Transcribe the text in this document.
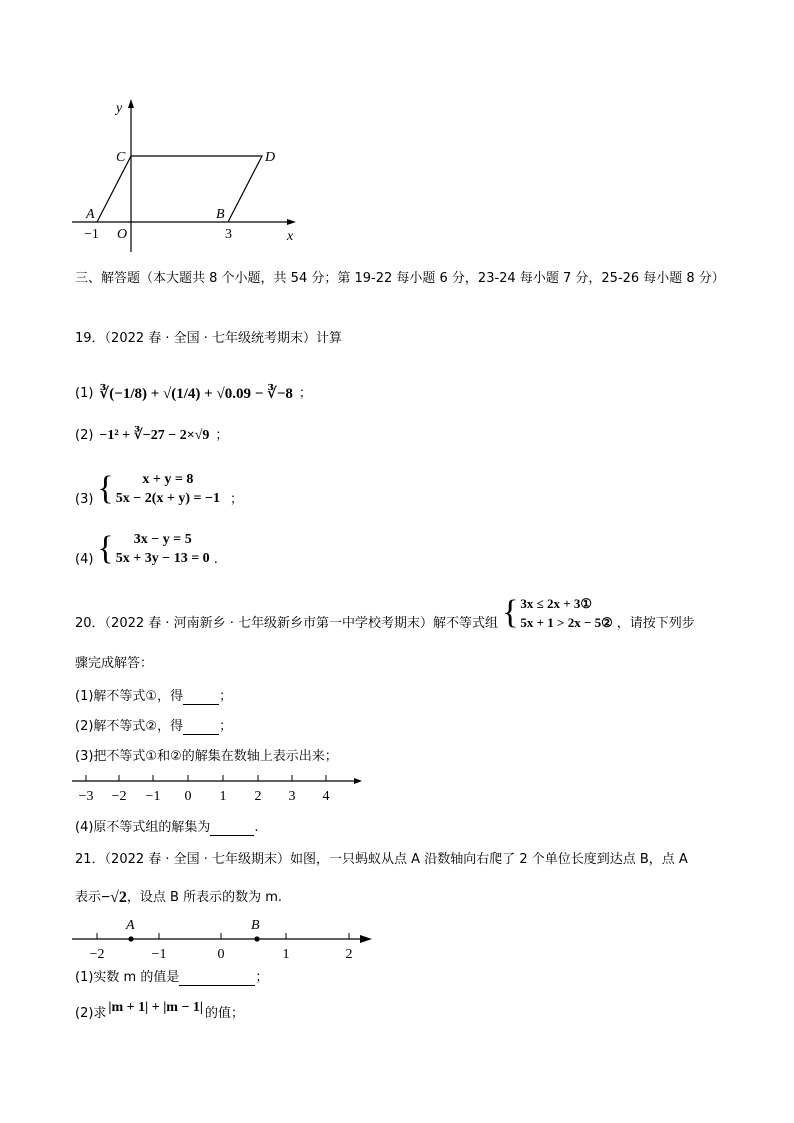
y
C	D
A	B
−1 O	3	x
三、解答题（本大题共 8 个小题，共 54 分；第 19-22 每小题 6 分，23-24 每小题 7 分，25-26 每小题 8 分）
19．（2022 春 · 全国 · 七年级统考期末）计算
(1) ∛(−1/8) + √(1/4) + √0.09 − ∛−8 ；
(2) −1² + ∛−27 − 2×√9 ；
(3) {	x + y = 8
5x − 2(x + y) = −1 ；
(4) {	3x − y = 5
5x + 3y − 13 = 0 .
20．（2022 春 · 河南新乡 · 七年级新乡市第一中学校考期末）解不等式组 { 3x ≤ 2x + 3①
5x + 1 > 2x − 5② ，请按下列步
骤完成解答：
(1)解不等式①，得	；
(2)解不等式②，得	；
(3)把不等式①和②的解集在数轴上表示出来；
−3 −2 −1 0 1 2 3 4
(4)原不等式组的解集为	.
21．（2022 春 · 全国 · 七年级期末）如图，一只蚂蚁从点 A 沿数轴向右爬了 2 个单位长度到达点 B，点 A
表示 −√2 ，设点 B 所表示的数为 m.
−2	−1	0	1	2
A	B
(1)实数 m 的值是	；
(2)求 |m + 1| + |m − 1| 的值；
